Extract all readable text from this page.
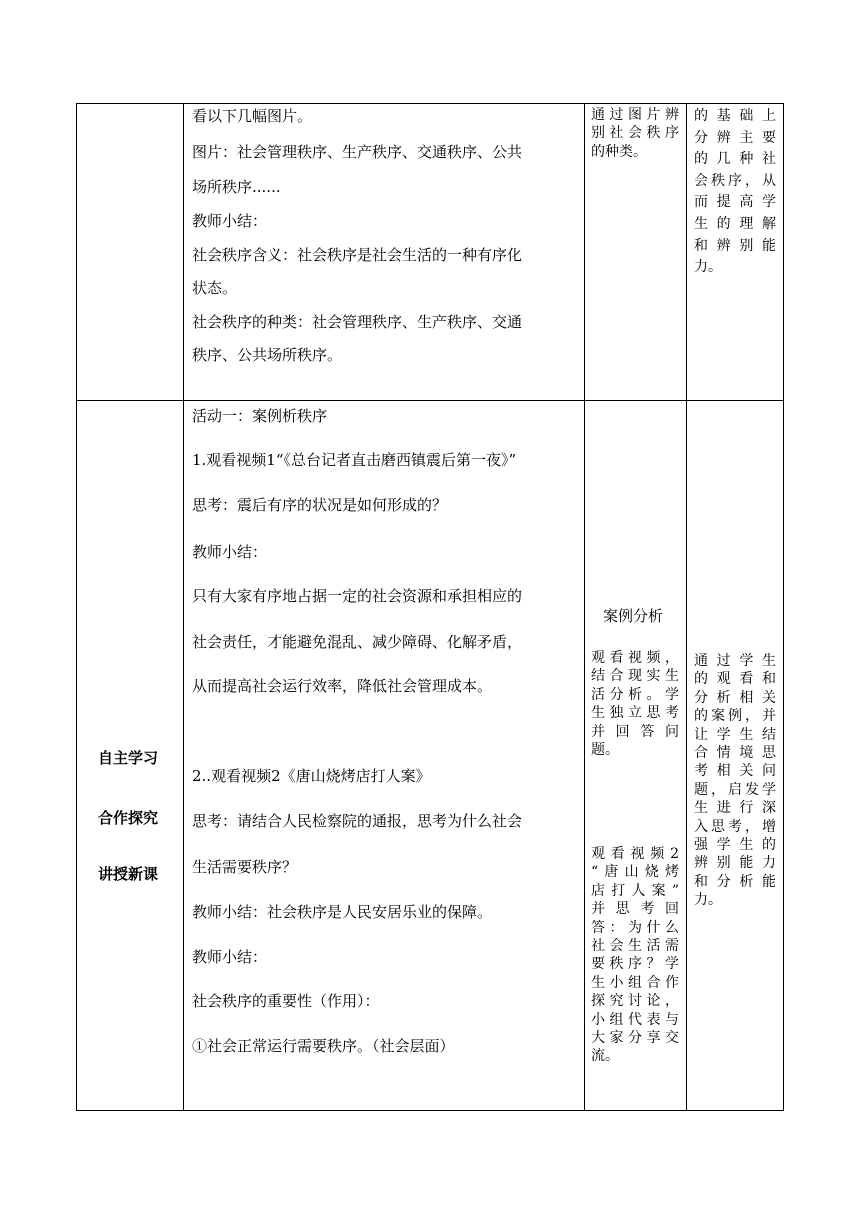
看以下几幅图片。
图片：社会管理秩序、生产秩序、交通秩序、公共
场所秩序......
教师小结：
社会秩序含义：社会秩序是社会生活的一种有序化
状态。
社会秩序的种类：社会管理秩序、生产秩序、交通
秩序、公共场所秩序。
通过图片辨
别社会秩序
的种类。
的基础上
分辨主要
的几种社
会秩序，从
而提高学
生的理解
和辨别能
力。
自主学习
合作探究
讲授新课
活动一：案例析秩序
1.观看视频1“《总台记者直击磨西镇震后第一夜》”
思考：震后有序的状况是如何形成的？
教师小结：
只有大家有序地占据一定的社会资源和承担相应的
社会责任，才能避免混乱、减少障碍、化解矛盾，
从而提高社会运行效率，降低社会管理成本。
2..观看视频2《唐山烧烤店打人案》
思考：请结合人民检察院的通报，思考为什么社会
生活需要秩序？
教师小结：社会秩序是人民安居乐业的保障。
教师小结：
社会秩序的重要性（作用）：
①社会正常运行需要秩序。（社会层面）
案例分析
观看视频，
结合现实生
活分析。学
生独立思考
并回答问
题。
观看视频2
“唐山烧烤
店打人案”
并思考回
答：为什么
社会生活需
要秩序？学
生小组合作
探究讨论，
小组代表与
大家分享交
流。
通过学生
的观看和
分析相关
的案例，并
让学生结
合情境思
考相关问
题，启发学
生进行深
入思考，增
强学生的
辨别能力
和分析能
力。
